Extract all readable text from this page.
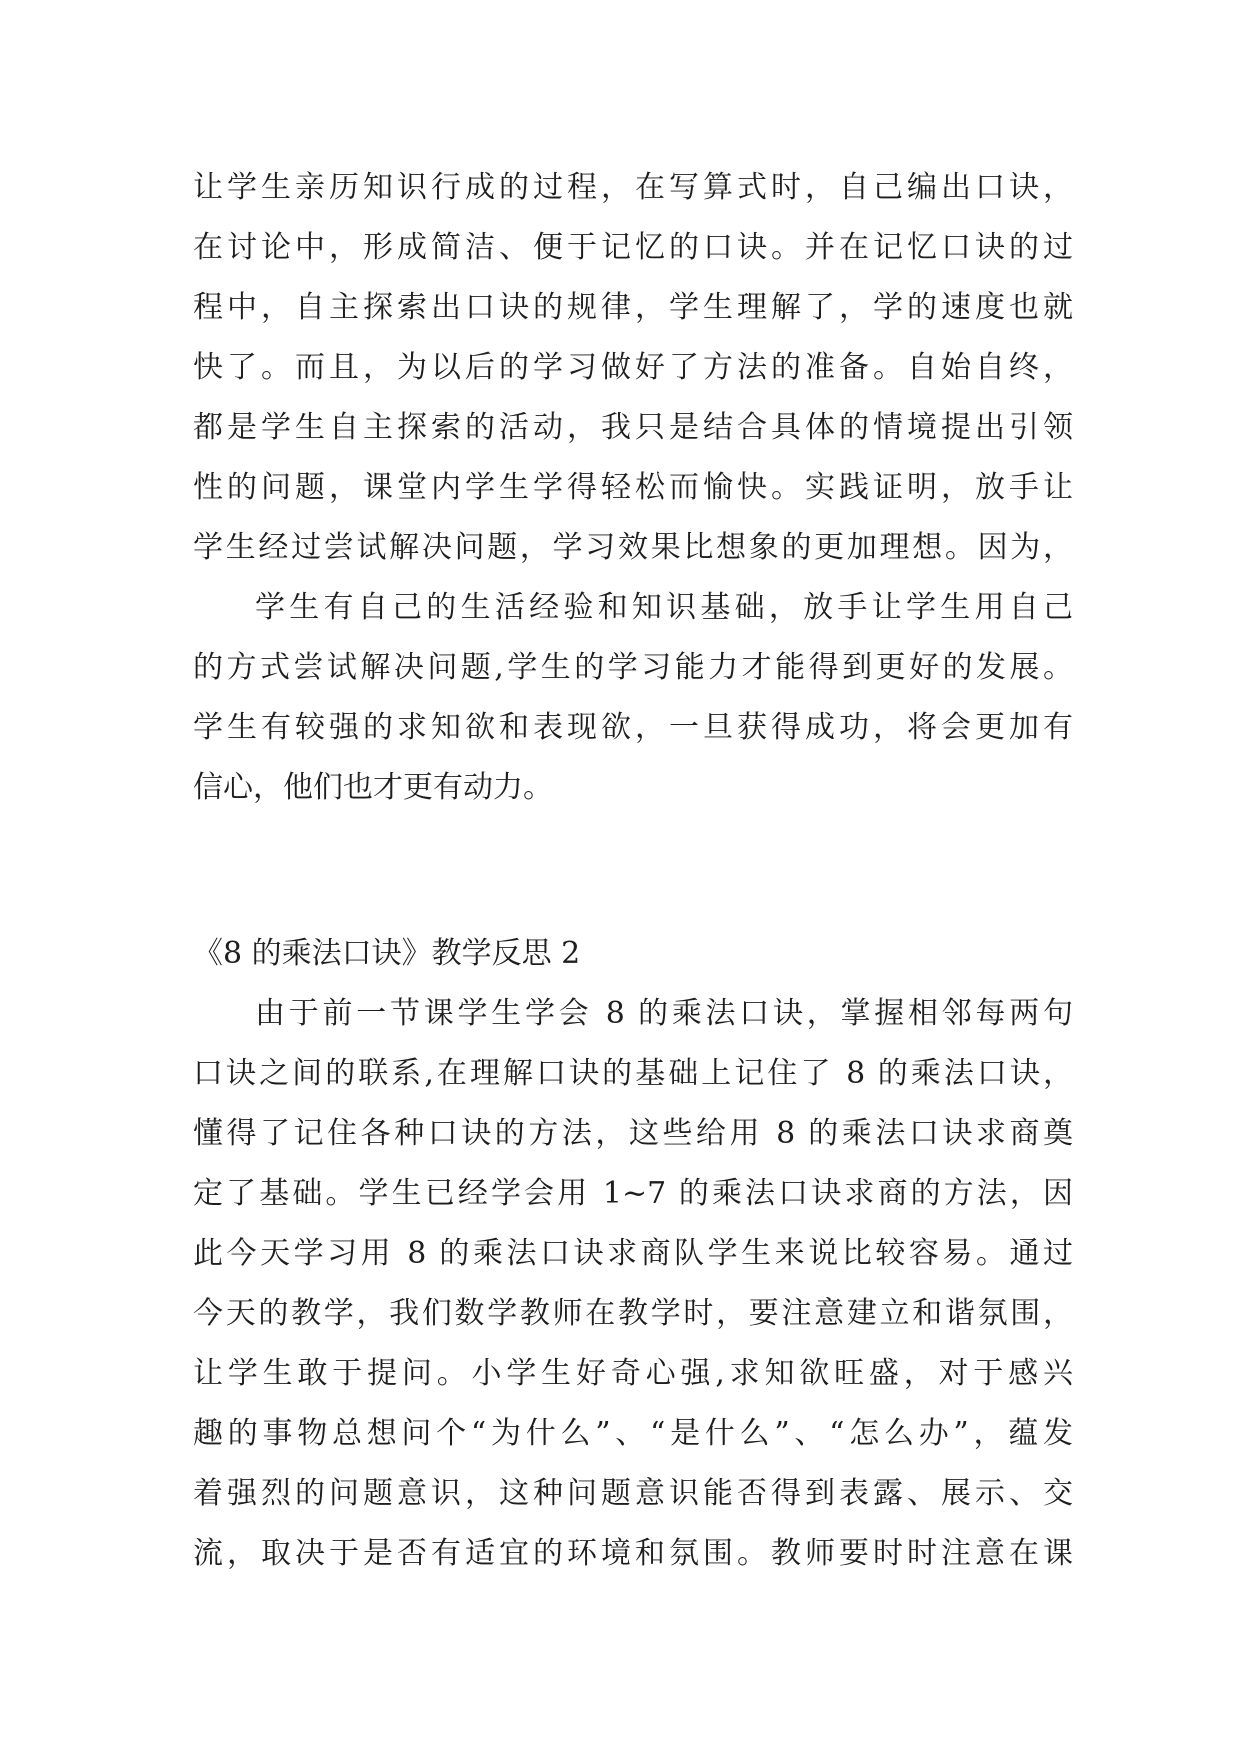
让学生亲历知识行成的过程，在写算式时，自己编出口诀，
在讨论中，形成简洁、便于记忆的口诀。并在记忆口诀的过
程中，自主探索出口诀的规律，学生理解了，学的速度也就
快了。而且，为以后的学习做好了方法的准备。自始自终，
都是学生自主探索的活动，我只是结合具体的情境提出引领
性的问题，课堂内学生学得轻松而愉快。实践证明，放手让
学生经过尝试解决问题，学习效果比想象的更加理想。因为，
学生有自己的生活经验和知识基础，放手让学生用自己
的方式尝试解决问题,学生的学习能力才能得到更好的发展。
学生有较强的求知欲和表现欲，一旦获得成功，将会更加有
信心，他们也才更有动力。
《8 的乘法口诀》教学反思 2
由于前一节课学生学会 8 的乘法口诀，掌握相邻每两句
口诀之间的联系,在理解口诀的基础上记住了 8 的乘法口诀，
懂得了记住各种口诀的方法，这些给用 8 的乘法口诀求商奠
定了基础。学生已经学会用 1~7 的乘法口诀求商的方法，因
此今天学习用 8 的乘法口诀求商队学生来说比较容易。通过
今天的教学，我们数学教师在教学时，要注意建立和谐氛围，
让学生敢于提问。小学生好奇心强,求知欲旺盛，对于感兴
趣的事物总想问个“为什么”、“是什么”、“怎么办”，蕴发
着强烈的问题意识，这种问题意识能否得到表露、展示、交
流，取决于是否有适宜的环境和氛围。教师要时时注意在课
